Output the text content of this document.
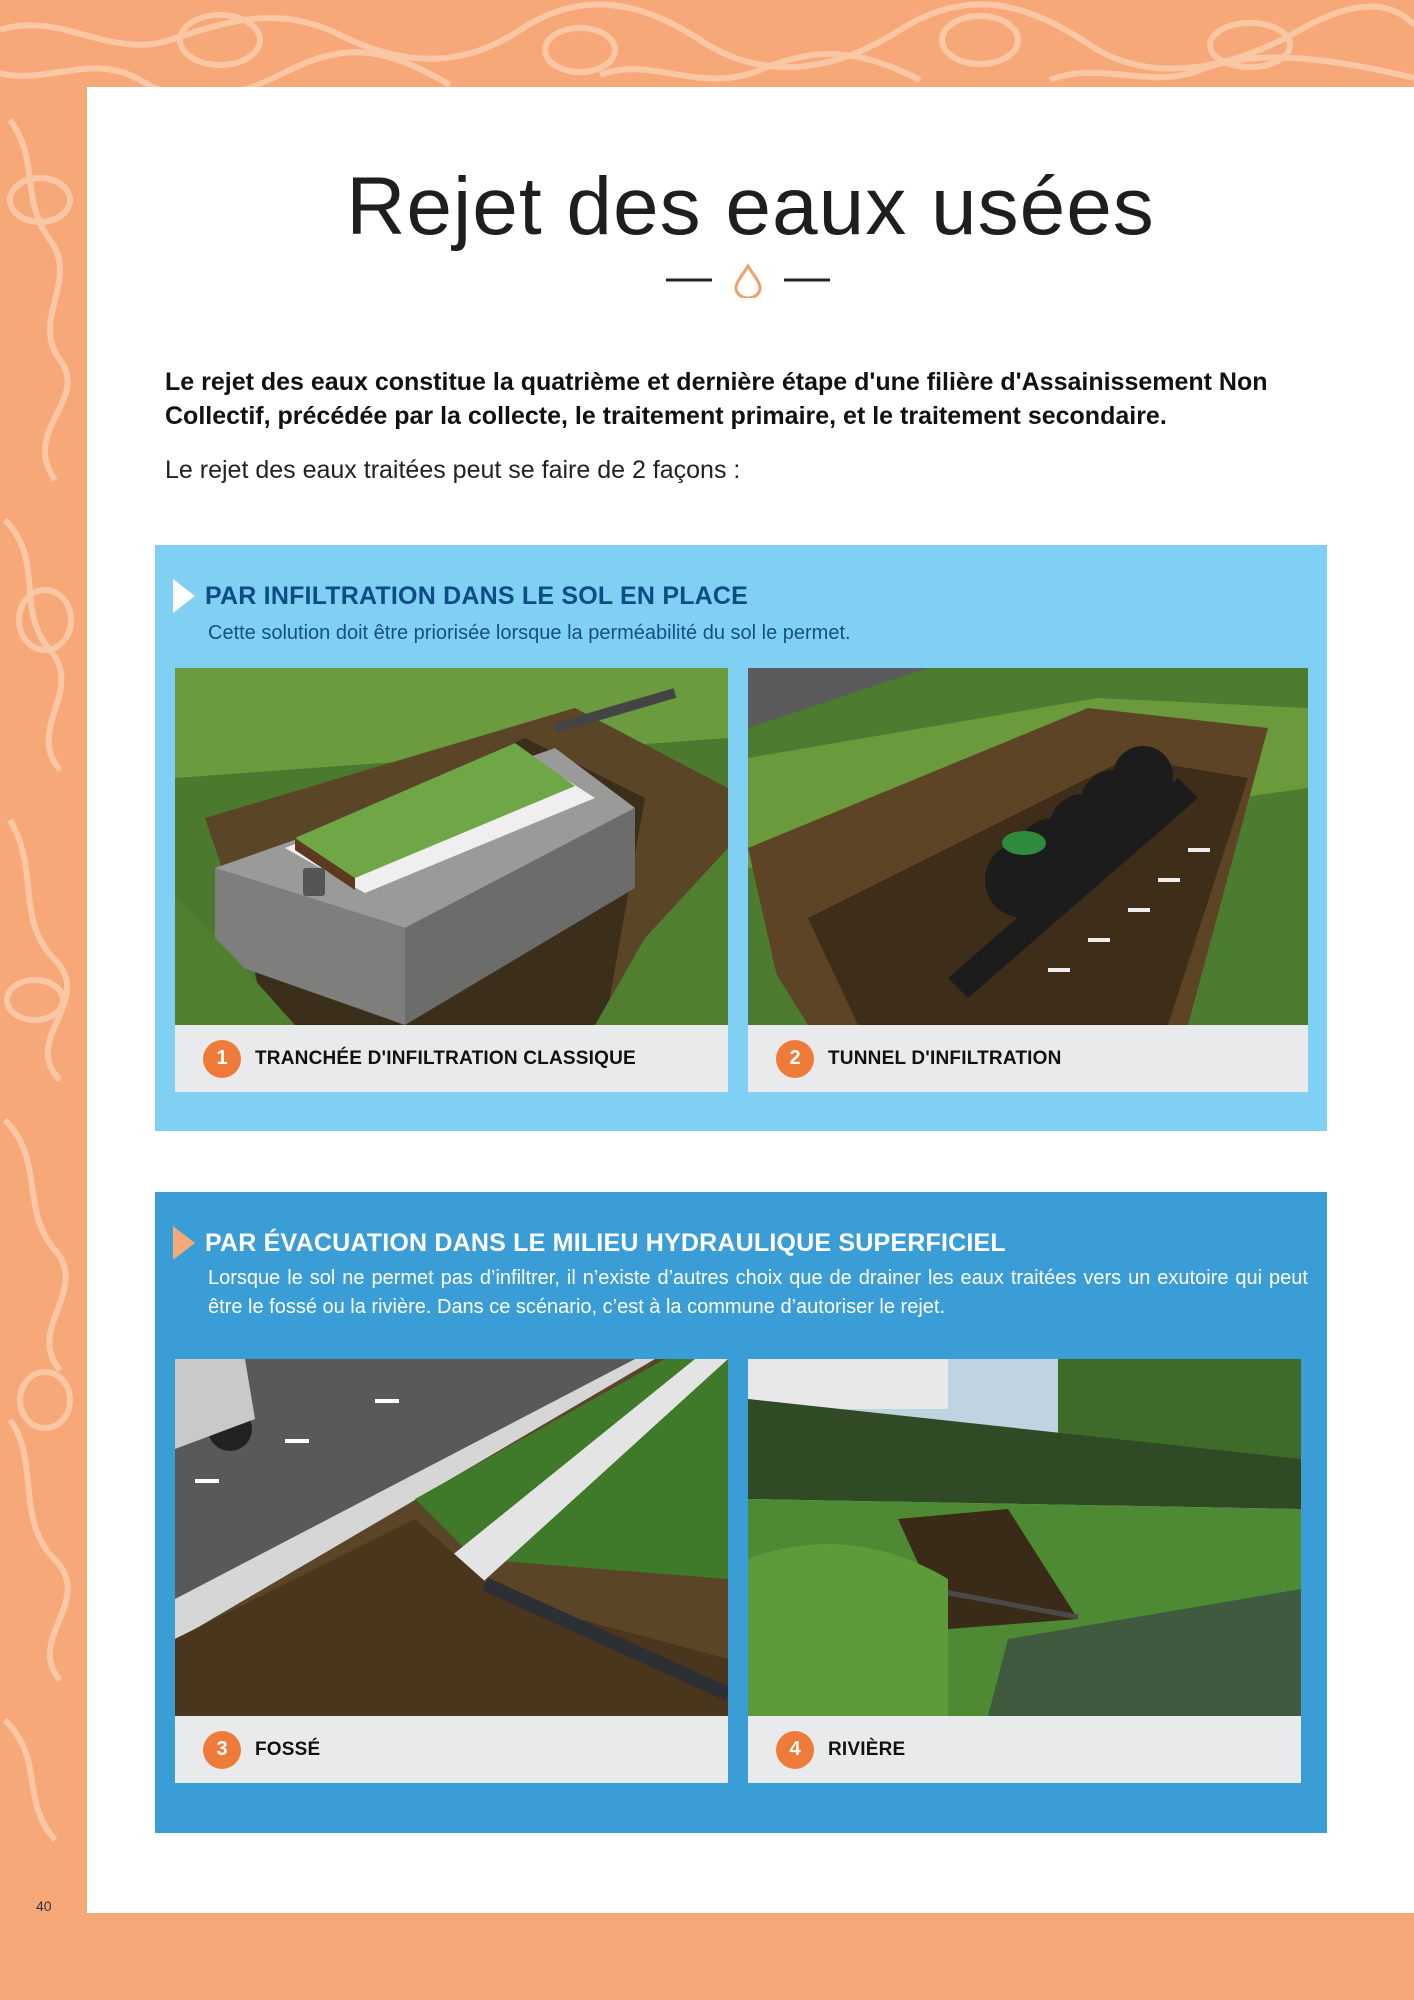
Rejet des eaux usées

Le rejet des eaux constitue la quatrième et dernière étape d'une filière d'Assainissement Non Collectif, précédée par la collecte, le traitement primaire, et le traitement secondaire.

Le rejet des eaux traitées peut se faire de 2 façons :

PAR INFILTRATION DANS LE SOL EN PLACE

Cette solution doit être priorisée lorsque la perméabilité du sol le permet.

1	TRANCHÉE D'INFILTRATION CLASSIQUE	2	TUNNEL D'INFILTRATION
PAR ÉVACUATION DANS LE MILIEU HYDRAULIQUE SUPERFICIEL

Lorsque le sol ne permet pas d’infiltrer, il n’existe d’autres choix que de drainer les eaux traitées vers un exutoire qui peut être le fossé ou la rivière. Dans ce scénario, c’est à la commune d’autoriser le rejet.

3	FOSSÉ	4	RIVIÈRE
40
